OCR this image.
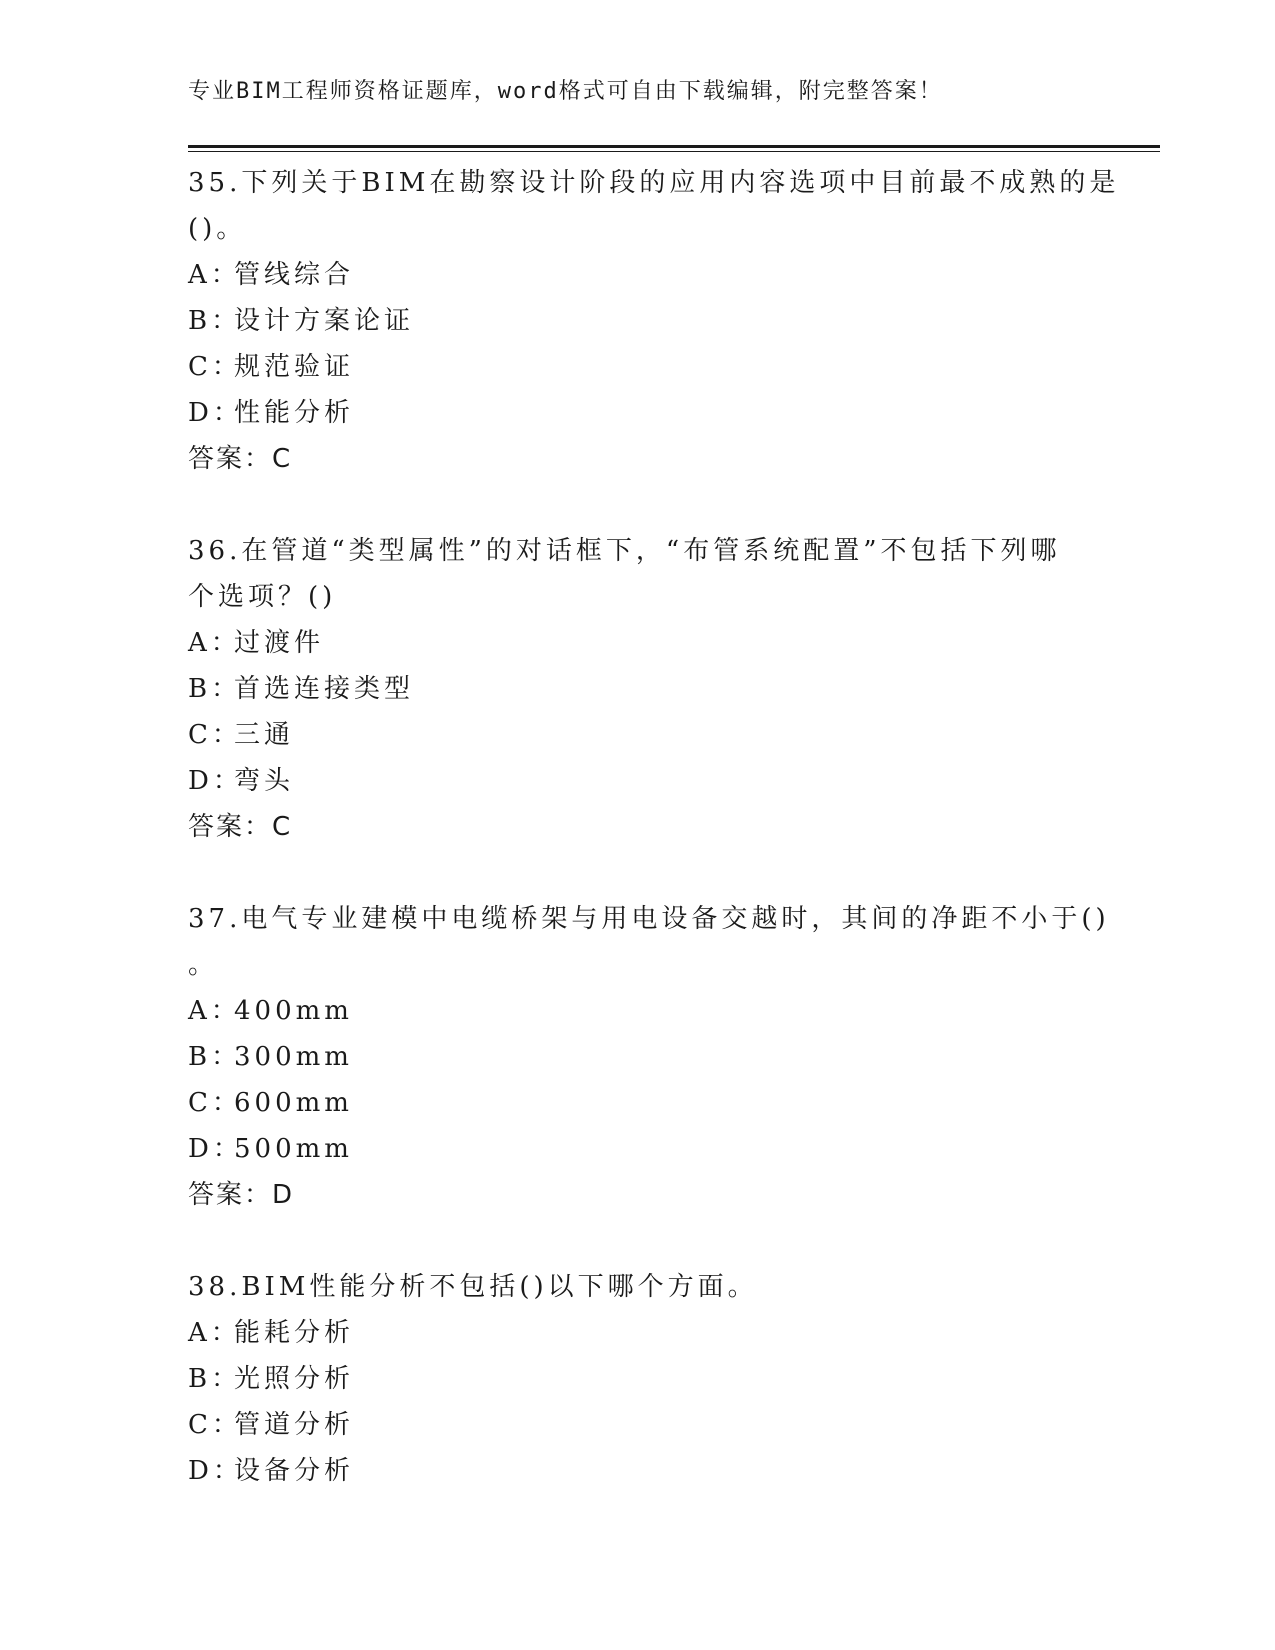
专业BIM工程师资格证题库，word格式可自由下载编辑，附完整答案！
35.下列关于BIM在勘察设计阶段的应用内容选项中目前最不成熟的是
()。
A：管线综合
B：设计方案论证
C：规范验证
D：性能分析
答案：C
36.在管道“类型属性”的对话框下，“布管系统配置”不包括下列哪
个选项？()
A：过渡件
B：首选连接类型
C：三通
D：弯头
答案：C
37.电气专业建模中电缆桥架与用电设备交越时，其间的净距不小于()
。
A：400mm
B：300mm
C：600mm
D：500mm
答案：D
38.BIM性能分析不包括()以下哪个方面。
A：能耗分析
B：光照分析
C：管道分析
D：设备分析
